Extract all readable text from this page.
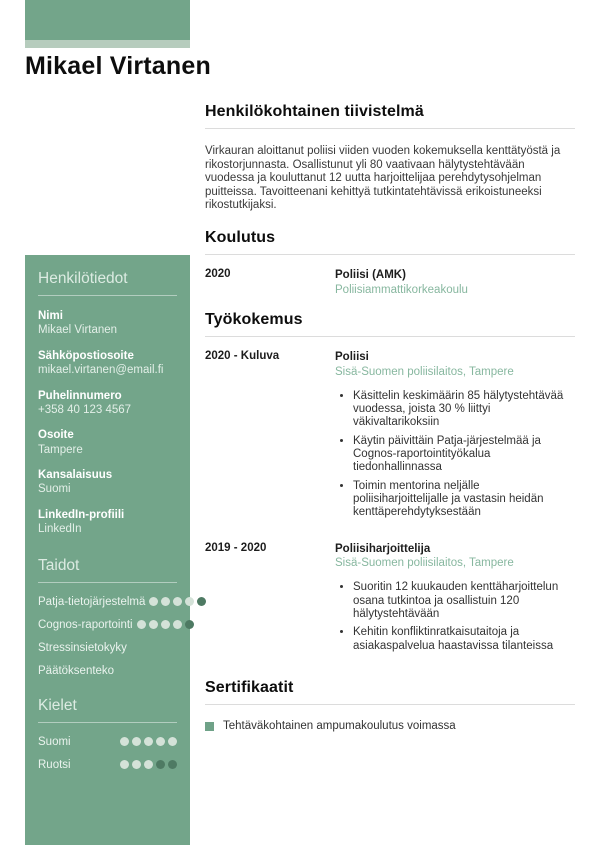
Mikael Virtanen
Henkilötiedot
Nimi
Mikael Virtanen
Sähköpostiosoite
mikael.virtanen@email.fi
Puhelinnumero
+358 40 123 4567
Osoite
Tampere
Kansalaisuus
Suomi
LinkedIn-profiili
LinkedIn
Taidot
Patja-tietojärjestelmä
Cognos-raportointi
Stressinsietokyky
Päätöksenteko
Kielet
Suomi
Ruotsi
Henkilökohtainen tiivistelmä

Virkauran aloittanut poliisi viiden vuoden kokemuksella kenttätyöstä ja rikostorjunnasta. Osallistunut yli 80 vaativaan hälytystehtävään vuodessa ja kouluttanut 12 uutta harjoittelijaa perehdytysohjelman puitteissa. Tavoitteenani kehittyä tutkintatehtävissä erikoistuneeksi rikostutkijaksi.

Koulutus
2020	Poliisi (AMK)
Poliisiammattikorkeakoulu
Työkokemus
2020 - Kuluva	Poliisi
Sisä-Suomen poliisilaitos, Tampere
• Käsittelin keskimäärin 85 hälytystehtävää vuodessa, joista 30 % liittyi väkivaltarikoksiin
• Käytin päivittäin Patja-järjestelmää ja Cognos-raportointityökalua tiedonhallinnassa
• Toimin mentorina neljälle poliisiharjoittelijalle ja vastasin heidän kenttäperehdytyksestään
2019 - 2020	Poliisiharjoittelija
Sisä-Suomen poliisilaitos, Tampere
• Suoritin 12 kuukauden kenttäharjoittelun osana tutkintoa ja osallistuin 120 hälytystehtävään
• Kehitin konfliktinratkaisutaitoja ja asiakaspalvelua haastavissa tilanteissa
Sertifikaatit
Tehtäväkohtainen ampumakoulutus voimassa
